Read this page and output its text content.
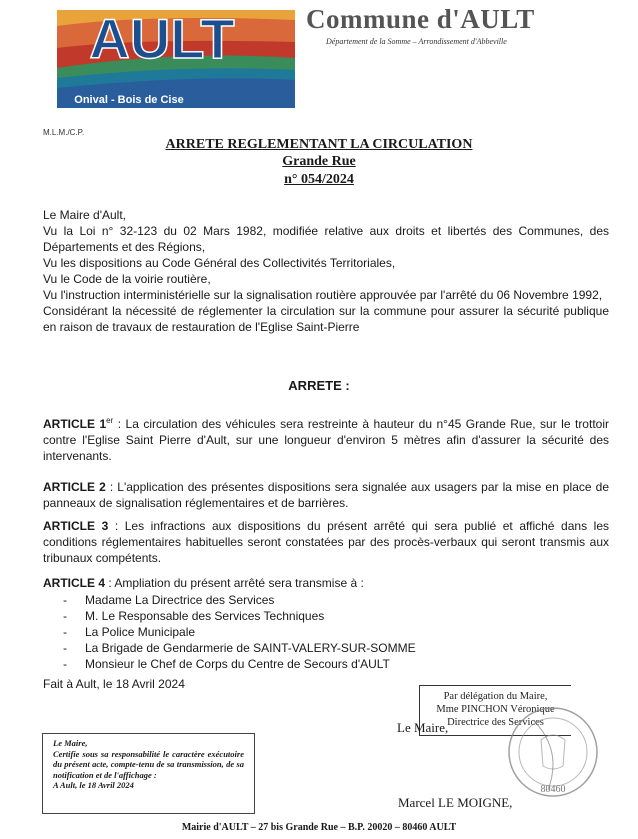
AULT
Onival - Bois de Cise
Commune d'AULT
Département de la Somme – Arrondissement d'Abbeville
M.L.M./C.P.
ARRETE REGLEMENTANT LA CIRCULATION
Grande Rue
n° 054/2024
Le Maire d'Ault,
Vu la Loi n° 32-123 du 02 Mars 1982, modifiée relative aux droits et libertés des Communes, des Départements et des Régions,
Vu les dispositions au Code Général des Collectivités Territoriales,
Vu le Code de la voirie routière,
Vu l'instruction interministérielle sur la signalisation routière approuvée par l'arrêté du 06 Novembre 1992,
Considérant la nécessité de réglementer la circulation sur la commune pour assurer la sécurité publique en raison de travaux de restauration de l'Eglise Saint-Pierre
ARRETE :
ARTICLE 1er : La circulation des véhicules sera restreinte à hauteur du n°45 Grande Rue, sur le trottoir contre l'Eglise Saint Pierre d'Ault, sur une longueur d'environ 5 mètres afin d'assurer la sécurité des intervenants.
ARTICLE 2 : L'application des présentes dispositions sera signalée aux usagers par la mise en place de panneaux de signalisation réglementaires et de barrières.
ARTICLE 3 : Les infractions aux dispositions du présent arrêté qui sera publié et affiché dans les conditions réglementaires habituelles seront constatées par des procès-verbaux qui seront transmis aux tribunaux compétents.
ARTICLE 4 : Ampliation du présent arrêté sera transmise à :
- Madame La Directrice des Services
- M. Le Responsable des Services Techniques
- La Police Municipale
- La Brigade de Gendarmerie de SAINT-VALERY-SUR-SOMME
- Monsieur le Chef de Corps du Centre de Secours d'AULT
Fait à Ault, le 18 Avril 2024
Le Maire,
Certifie sous sa responsabilité le caractère exécutoire du présent acte, compte-tenu de sa transmission, de sa notification et de l'affichage :
A Ault, le 18 Avril 2024
Par délégation du Maire,
Mme PINCHON Véronique
Directrice des Services
Le Maire,
80460
Marcel LE MOIGNE,
Mairie d'AULT – 27 bis Grande Rue – B.P. 20020 – 80460 AULT
